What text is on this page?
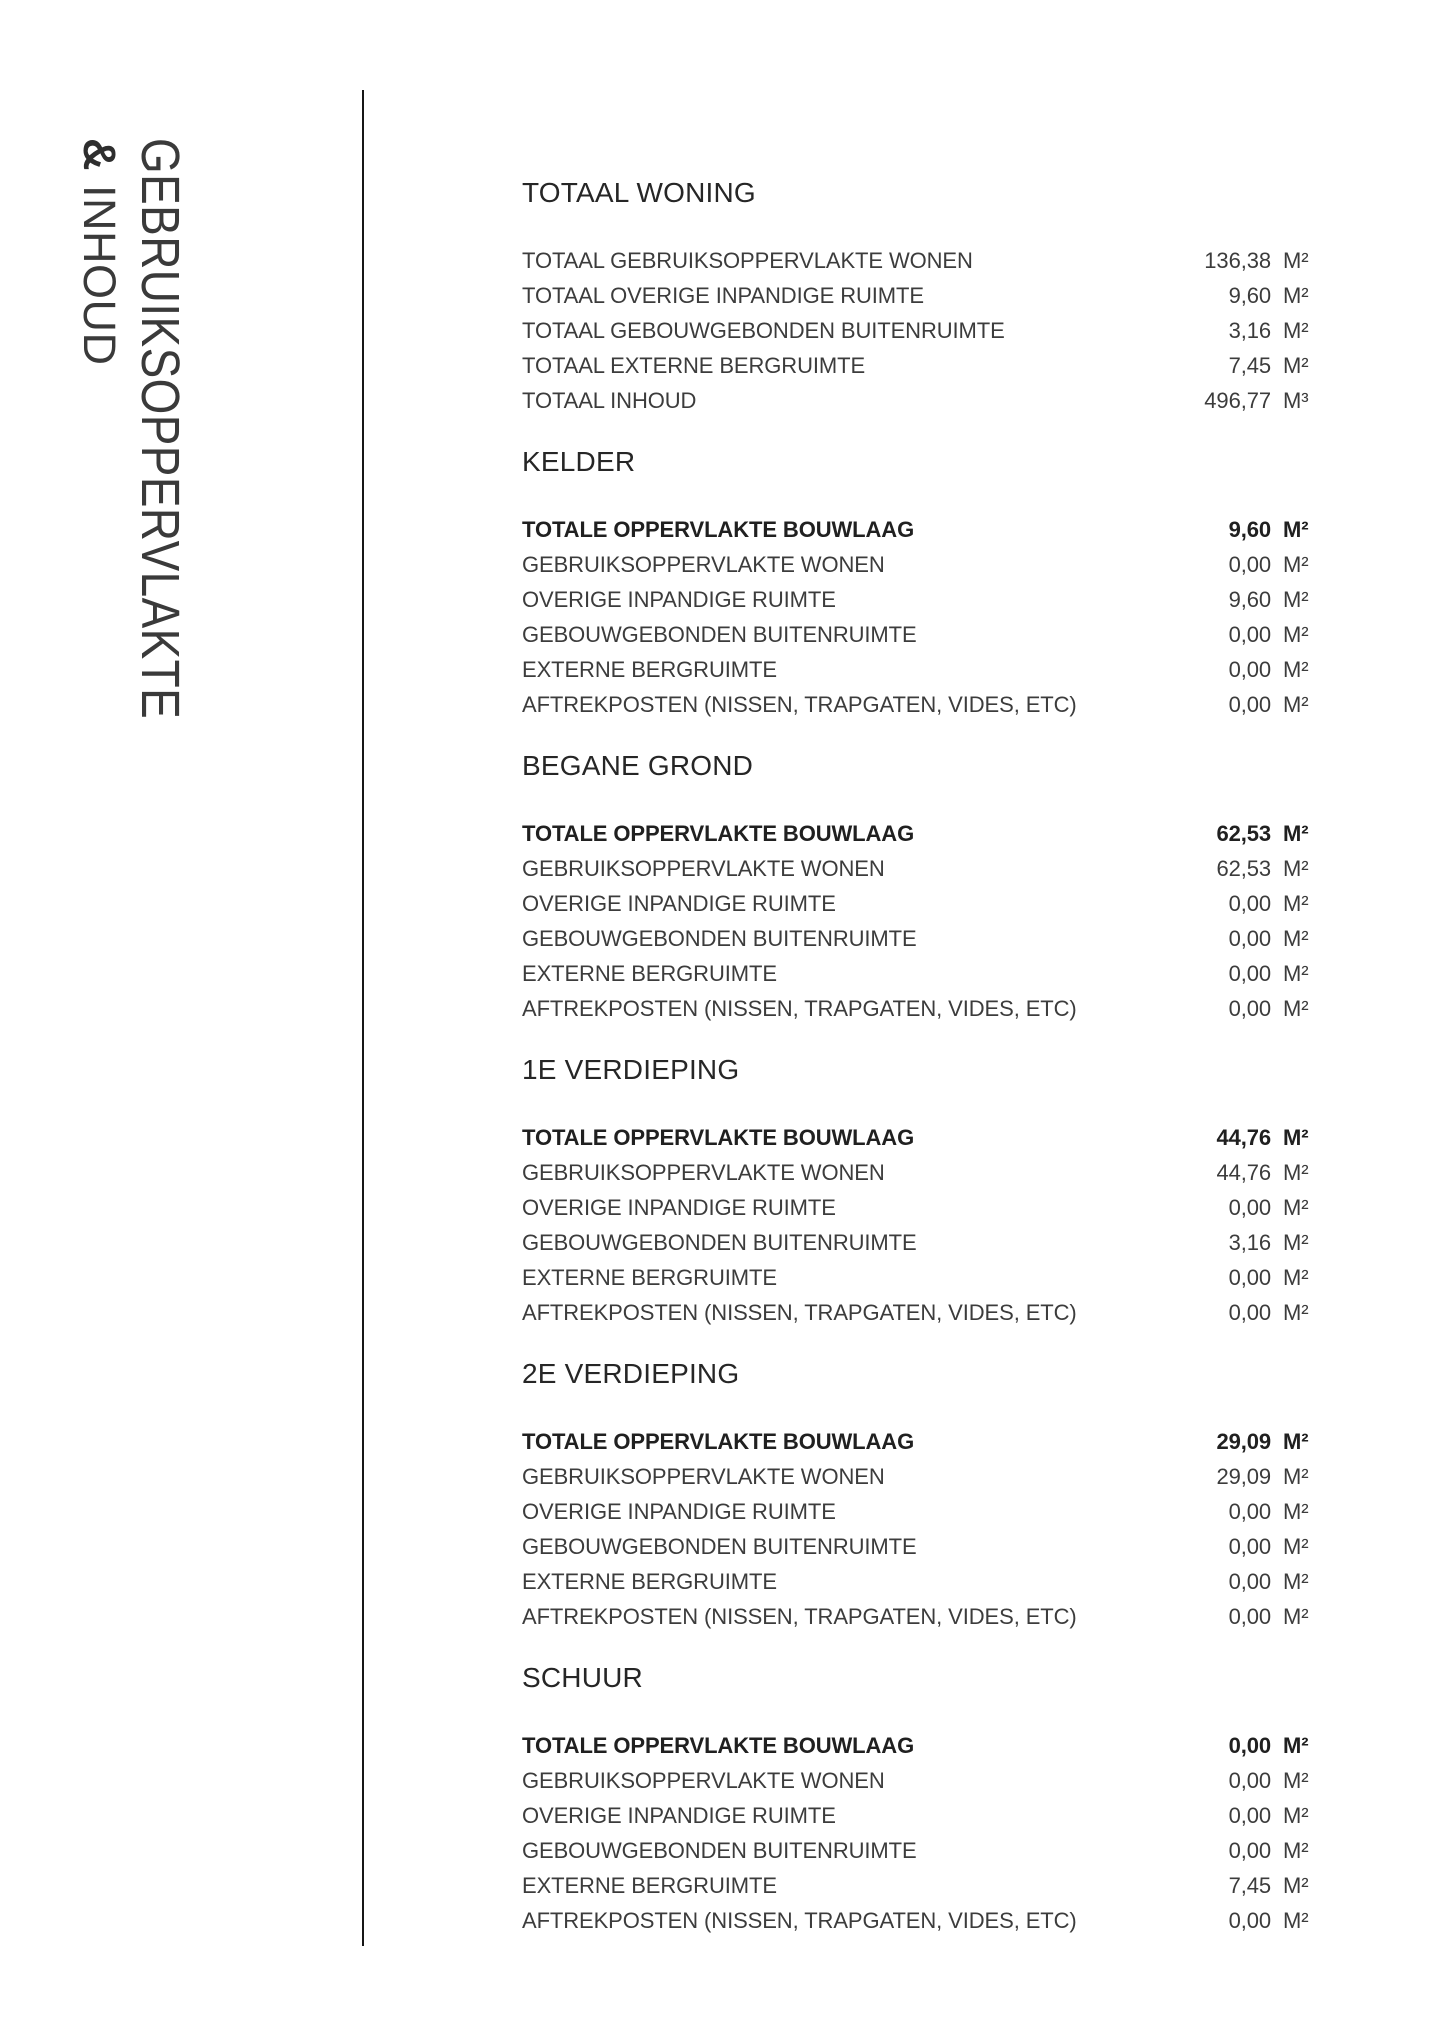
GEBRUIKSOPPERVLAKTE
&INHOUD	TOTAAL WONING
TOTAAL GEBRUIKSOPPERVLAKTE WONEN	136,38 M²
TOTAAL OVERIGE INPANDIGE RUIMTE	9,60 M²
TOTAAL GEBOUWGEBONDEN BUITENRUIMTE	3,16 M²
TOTAAL EXTERNE BERGRUIMTE	7,45 M²
TOTAAL INHOUD	496,77 M³
KELDER
TOTALE OPPERVLAKTE BOUWLAAG	9,60 M²
GEBRUIKSOPPERVLAKTE WONEN	0,00 M²
OVERIGE INPANDIGE RUIMTE	9,60 M²
GEBOUWGEBONDEN BUITENRUIMTE	0,00 M²
EXTERNE BERGRUIMTE	0,00 M²
AFTREKPOSTEN (NISSEN, TRAPGATEN, VIDES, ETC)	0,00 M²
BEGANE GROND
TOTALE OPPERVLAKTE BOUWLAAG	62,53 M²
GEBRUIKSOPPERVLAKTE WONEN	62,53 M²
OVERIGE INPANDIGE RUIMTE	0,00 M²
GEBOUWGEBONDEN BUITENRUIMTE	0,00 M²
EXTERNE BERGRUIMTE	0,00 M²
AFTREKPOSTEN (NISSEN, TRAPGATEN, VIDES, ETC)	0,00 M²
1E VERDIEPING
TOTALE OPPERVLAKTE BOUWLAAG	44,76 M²
GEBRUIKSOPPERVLAKTE WONEN	44,76 M²
OVERIGE INPANDIGE RUIMTE	0,00 M²
GEBOUWGEBONDEN BUITENRUIMTE	3,16 M²
EXTERNE BERGRUIMTE	0,00 M²
AFTREKPOSTEN (NISSEN, TRAPGATEN, VIDES, ETC)	0,00 M²
2E VERDIEPING
TOTALE OPPERVLAKTE BOUWLAAG	29,09 M²
GEBRUIKSOPPERVLAKTE WONEN	29,09 M²
OVERIGE INPANDIGE RUIMTE	0,00 M²
GEBOUWGEBONDEN BUITENRUIMTE	0,00 M²
EXTERNE BERGRUIMTE	0,00 M²
AFTREKPOSTEN (NISSEN, TRAPGATEN, VIDES, ETC)	0,00 M²
SCHUUR
TOTALE OPPERVLAKTE BOUWLAAG	0,00 M²
GEBRUIKSOPPERVLAKTE WONEN	0,00 M²
OVERIGE INPANDIGE RUIMTE	0,00 M²
GEBOUWGEBONDEN BUITENRUIMTE	0,00 M²
EXTERNE BERGRUIMTE	7,45 M²
AFTREKPOSTEN (NISSEN, TRAPGATEN, VIDES, ETC)	0,00 M²
